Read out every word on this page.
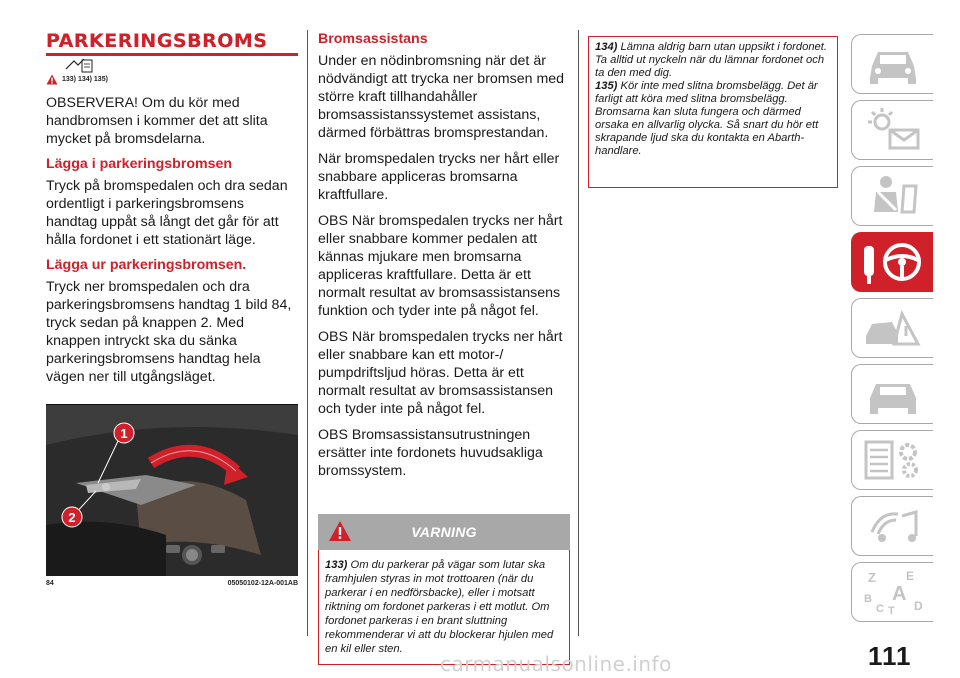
PARKERINGSBROMS
133) 134) 135)

OBSERVERA! Om du kör med handbromsen i kommer det att slita mycket på bromsdelarna.

Lägga i parkeringsbromsen

Tryck på bromspedalen och dra sedan ordentligt i parkeringsbromsens handtag uppåt så långt det går för att hålla fordonet i ett stationärt läge.

Lägga ur parkeringsbromsen.

Tryck ner bromspedalen och dra parkeringsbromsens handtag 1 bild 84, tryck sedan på knappen 2. Med knappen intryckt ska du sänka parkeringsbromsens handtag hela vägen ner till utgångsläget.

1
2
84	05050102-12A-001AB
Bromsassistans

Under en nödinbromsning när det är nödvändigt att trycka ner bromsen med större kraft tillhandahåller bromsassistanssystemet assistans, därmed förbättras bromsprestandan.

När bromspedalen trycks ner hårt eller snabbare appliceras bromsarna kraftfullare.

OBS När bromspedalen trycks ner hårt eller snabbare kommer pedalen att kännas mjukare men bromsarna appliceras kraftfullare. Detta är ett normalt resultat av bromsassistansens funktion och tyder inte på något fel.

OBS När bromspedalen trycks ner hårt eller snabbare kan ett motor-/ pumpdriftsljud höras. Detta är ett normalt resultat av bromsassistansen och tyder inte på något fel.

OBS Bromsassistansutrustningen ersätter inte fordonets huvudsakliga bromssystem.

VARNING

133) Om du parkerar på vägar som lutar ska framhjulen styras in mot trottoaren (när du parkerar i en nedförsbacke), eller i motsatt riktning om fordonet parkeras i ett motlut. Om fordonet parkeras i en brant sluttning rekommenderar vi att du blockerar hjulen med en kil eller sten.

134) Lämna aldrig barn utan uppsikt i fordonet. Ta alltid ut nyckeln när du lämnar fordonet och ta den med dig.

135) Kör inte med slitna bromsbelägg. Det är farligt att köra med slitna bromsbelägg. Bromsarna kan sluta fungera och därmed orsaka en allvarlig olycka. Så snart du hör ett skrapande ljud ska du kontakta en Abarth-handlare.

Z	E
B A
C T D
111
carmanualsonline.info
